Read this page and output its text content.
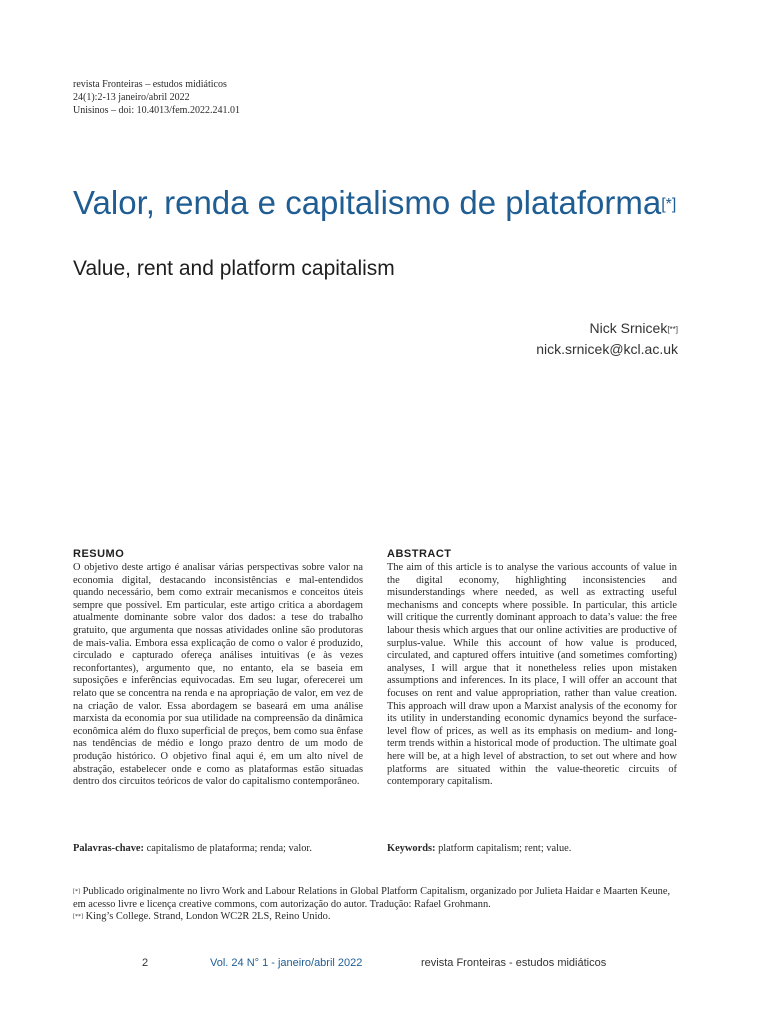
revista Fronteiras – estudos midiáticos
24(1):2-13 janeiro/abril 2022
Unisinos – doi: 10.4013/fem.2022.241.01
Valor, renda e capitalismo de plataforma[*]
Value, rent and platform capitalism
Nick Srnicek[**]
nick.srnicek@kcl.ac.uk
RESUMO

O objetivo deste artigo é analisar várias perspectivas sobre valor na economia digital, destacando inconsistências e mal-entendidos quando necessário, bem como extrair mecanismos e conceitos úteis sempre que possível. Em particular, este artigo critica a abordagem atualmente dominante sobre valor dos dados: a tese do trabalho gratuito, que argumenta que nossas atividades online são produtoras de mais-valia. Embora essa explicação de como o valor é produzido, circulado e capturado ofereça análises intuitivas (e às vezes reconfortantes), argumento que, no entanto, ela se baseia em suposições e inferências equivocadas. Em seu lugar, oferecerei um relato que se concentra na renda e na apropriação de valor, em vez de na criação de valor. Essa abordagem se baseará em uma análise marxista da economia por sua utilidade na compreensão da dinâmica econômica além do fluxo superficial de preços, bem como sua ênfase nas tendências de médio e longo prazo dentro de um modo de produção histórico. O objetivo final aqui é, em um alto nível de abstração, estabelecer onde e como as plataformas estão situadas dentro dos circuitos teóricos de valor do capitalismo contemporâneo.

ABSTRACT

The aim of this article is to analyse the various accounts of value in the digital economy, highlighting inconsistencies and misunderstandings where needed, as well as extracting useful mechanisms and concepts where possible. In particular, this article will critique the currently dominant approach to data’s value: the free labour thesis which argues that our online activities are productive of surplus-value. While this account of how value is produced, circulated, and captured offers intuitive (and sometimes comforting) analyses, I will argue that it nonetheless relies upon mistaken assumptions and inferences. In its place, I will offer an account that focuses on rent and value appropriation, rather than value creation. This approach will draw upon a Marxist analysis of the economy for its utility in understanding economic dynamics beyond the surface-level flow of prices, as well as its emphasis on medium- and long-term trends within a historical mode of production. The ultimate goal here will be, at a high level of abstraction, to set out where and how platforms are situated within the value-theoretic circuits of contemporary capitalism.

Palavras-chave: capitalismo de plataforma; renda; valor.	Keywords: platform capitalism; rent; value.

[*] Publicado originalmente no livro Work and Labour Relations in Global Platform Capitalism, organizado por Julieta Haidar e Maarten Keune, em acesso livre e licença creative commons, com autorização do autor. Tradução: Rafael Grohmann.

[**] King’s College. Strand, London WC2R 2LS, Reino Unido.

2	Vol. 24 N° 1 - janeiro/abril 2022	revista Fronteiras - estudos midiáticos
